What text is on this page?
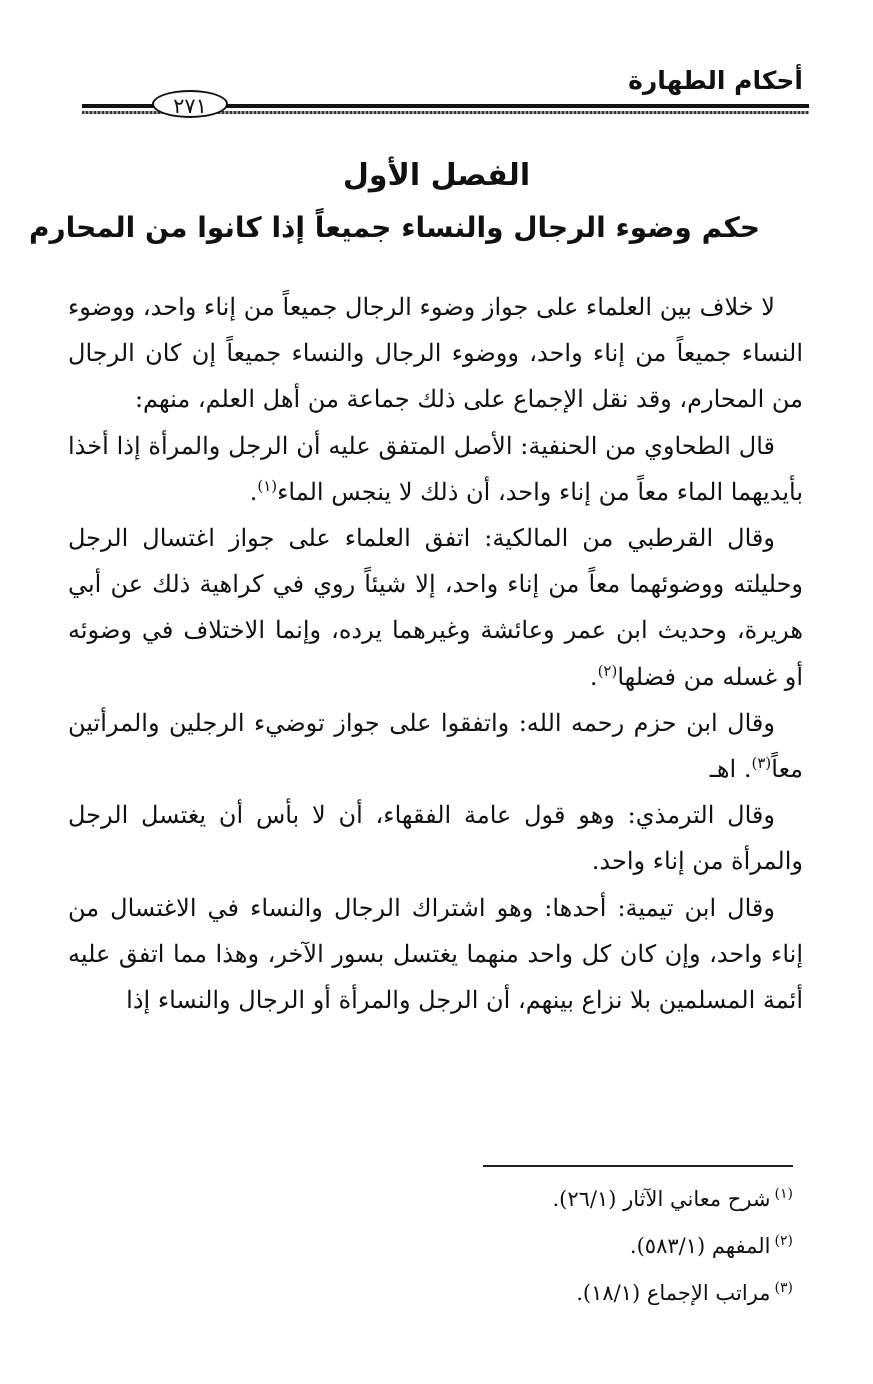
أحكام الطهارة
٢٧١
الفصل الأول
حكم وضوء الرجال والنساء جميعاً إذا كانوا من المحارم

لا خلاف بين العلماء على جواز وضوء الرجال جميعاً من إناء واحد، ووضوء النساء جميعاً من إناء واحد، ووضوء الرجال والنساء جميعاً إن كان الرجال من المحارم، وقد نقل الإجماع على ذلك جماعة من أهل العلم، منهم:

قال الطحاوي من الحنفية: الأصل المتفق عليه أن الرجل والمرأة إذا أخذا بأيديهما الماء معاً من إناء واحد، أن ذلك لا ينجس الماء$^{(١)}$.

وقال القرطبي من المالكية: اتفق العلماء على جواز اغتسال الرجل وحليلته ووضوئهما معاً من إناء واحد، إلا شيئاً روي في كراهية ذلك عن أبي هريرة، وحديث ابن عمر وعائشة وغيرهما يرده، وإنما الاختلاف في وضوئه أو غسله من فضلها$^{(٢)}$.

وقال ابن حزم رحمه الله: واتفقوا على جواز توضيء الرجلين والمرأتين معاً$^{(٣)}$. اهـ

وقال الترمذي: وهو قول عامة الفقهاء، أن لا بأس أن يغتسل الرجل والمرأة من إناء واحد.

وقال ابن تيمية: أحدها: وهو اشتراك الرجال والنساء في الاغتسال من إناء واحد، وإن كان كل واحد منهما يغتسل بسور الآخر، وهذا مما اتفق عليه أئمة المسلمين بلا نزاع بينهم، أن الرجل والمرأة أو الرجال والنساء إذا

$^{(١)}$شرح معاني الآثار (٢٦/١).

$^{(٢)}$المفهم (٥٨٣/١).

$^{(٣)}$مراتب الإجماع (١٨/١).
